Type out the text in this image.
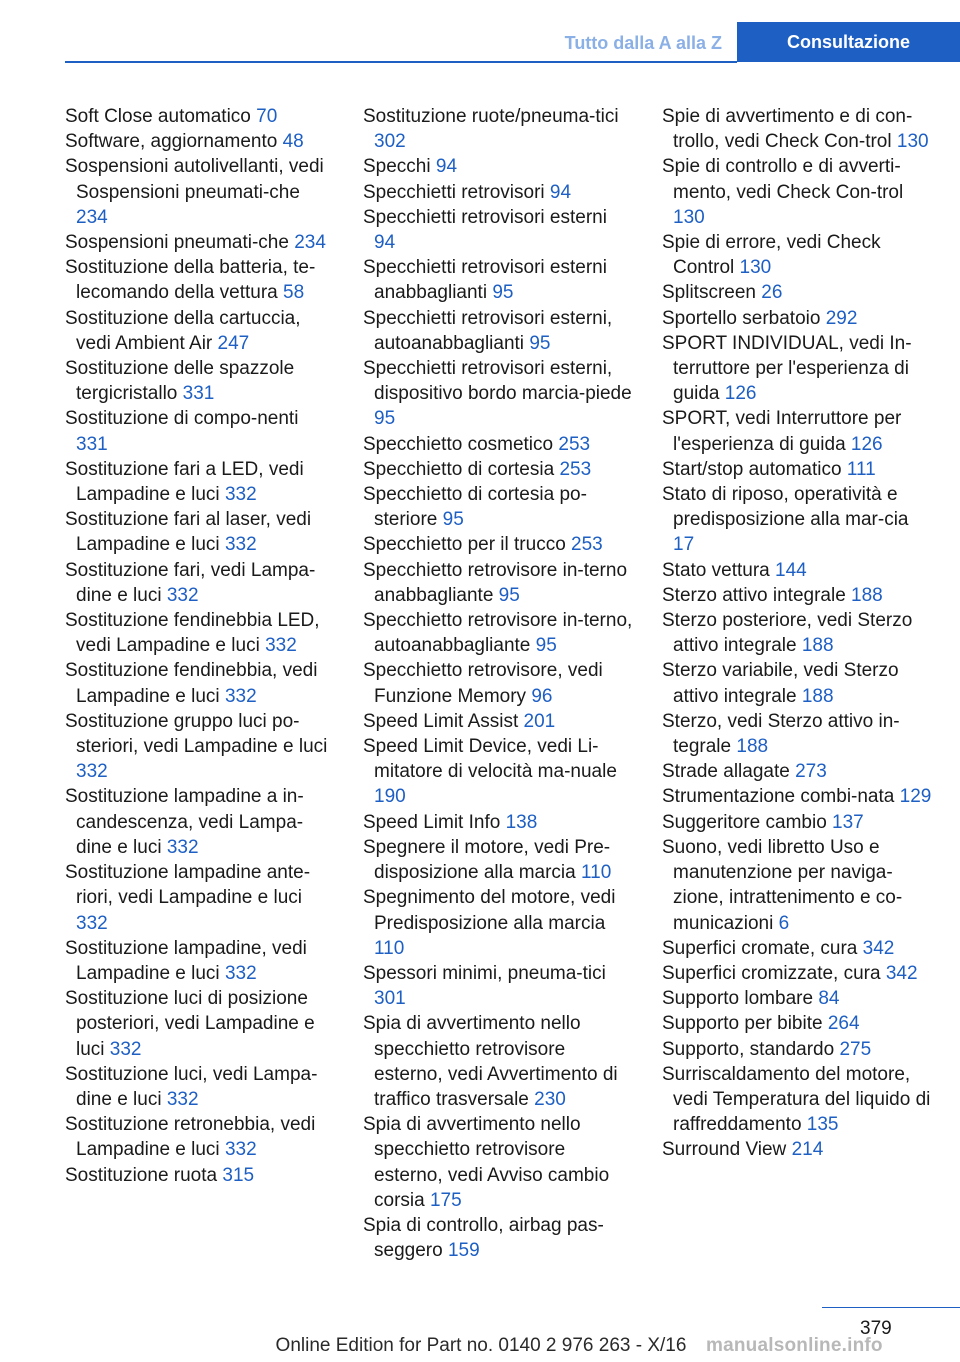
Tutto dalla A alla Z	Consultazione

Soft Close automatico 70

Software, aggiornamento 48

Sospensioni autolivellanti, vedi Sospensioni pneumati-che 234

Sospensioni pneumati-che 234

Sostituzione della batteria, te-lecomando della vettura 58

Sostituzione della cartuccia, vedi Ambient Air 247

Sostituzione delle spazzole tergicristallo 331

Sostituzione di compo-nenti 331

Sostituzione fari a LED, vedi Lampadine e luci 332

Sostituzione fari al laser, vedi Lampadine e luci 332

Sostituzione fari, vedi Lampa-dine e luci 332

Sostituzione fendinebbia LED, vedi Lampadine e luci 332

Sostituzione fendinebbia, vedi Lampadine e luci 332

Sostituzione gruppo luci po-steriori, vedi Lampadine e luci 332

Sostituzione lampadine a in-candescenza, vedi Lampa-dine e luci 332

Sostituzione lampadine ante-riori, vedi Lampadine e luci 332

Sostituzione lampadine, vedi Lampadine e luci 332

Sostituzione luci di posizione posteriori, vedi Lampadine e luci 332

Sostituzione luci, vedi Lampa-dine e luci 332

Sostituzione retronebbia, vedi Lampadine e luci 332

Sostituzione ruota 315

Sostituzione ruote/pneuma-tici 302

Specchi 94

Specchietti retrovisori 94

Specchietti retrovisori esterni 94

Specchietti retrovisori esterni anabbaglianti 95

Specchietti retrovisori esterni, autoanabbaglianti 95

Specchietti retrovisori esterni, dispositivo bordo marcia-piede 95

Specchietto cosmetico 253

Specchietto di cortesia 253

Specchietto di cortesia po-steriore 95

Specchietto per il trucco 253

Specchietto retrovisore in-terno anabbagliante 95

Specchietto retrovisore in-terno, autoanabbagliante 95

Specchietto retrovisore, vedi Funzione Memory 96

Speed Limit Assist 201

Speed Limit Device, vedi Li-mitatore di velocità ma-nuale 190

Speed Limit Info 138

Spegnere il motore, vedi Pre-disposizione alla marcia 110

Spegnimento del motore, vedi Predisposizione alla marcia 110

Spessori minimi, pneuma-tici 301

Spia di avvertimento nello specchietto retrovisore esterno, vedi Avvertimento di traffico trasversale 230

Spia di avvertimento nello specchietto retrovisore esterno, vedi Avviso cambio corsia 175

Spia di controllo, airbag pas-seggero 159

Spie di avvertimento e di con-trollo, vedi Check Con-trol 130

Spie di controllo e di avverti-mento, vedi Check Con-trol 130

Spie di errore, vedi Check Control 130

Splitscreen 26

Sportello serbatoio 292

SPORT INDIVIDUAL, vedi In-terruttore per l'esperienza di guida 126

SPORT, vedi Interruttore per l'esperienza di guida 126

Start/stop automatico 111

Stato di riposo, operatività e predisposizione alla mar-cia 17

Stato vettura 144

Sterzo attivo integrale 188

Sterzo posteriore, vedi Sterzo attivo integrale 188

Sterzo variabile, vedi Sterzo attivo integrale 188

Sterzo, vedi Sterzo attivo in-tegrale 188

Strade allagate 273

Strumentazione combi-nata 129

Suggeritore cambio 137

Suono, vedi libretto Uso e manutenzione per naviga-zione, intrattenimento e co-municazioni 6

Superfici cromate, cura 342

Superfici cromizzate, cura 342

Supporto lombare 84

Supporto per bibite 264

Supporto, standardo 275

Surriscaldamento del motore, vedi Temperatura del liquido di raffreddamento 135

Surround View 214

379
Online Edition for Part no. 0140 2 976 263 - X/16	manualsonline.info
